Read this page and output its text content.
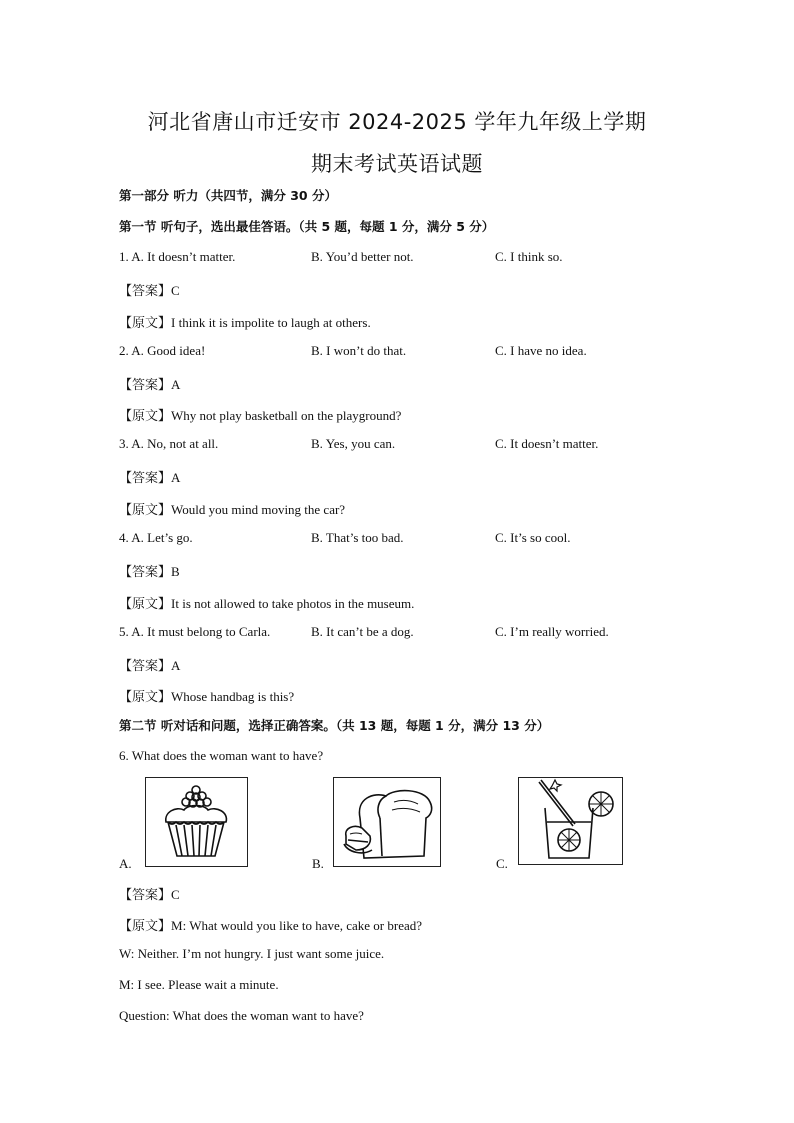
河北省唐山市迁安市 2024-2025 学年九年级上学期
期末考试英语试题
第一部分 听力（共四节，满分 30 分）
第一节 听句子，选出最佳答语。（共 5 题，每题 1 分，满分 5 分）
1. A. It doesn’t matter.	B. You’d better not.	C. I think so.
【答案】C
【原文】I think it is impolite to laugh at others.
2. A. Good idea!	B. I won’t do that.	C. I have no idea.
【答案】A
【原文】Why not play basketball on the playground?
3. A. No, not at all.	B. Yes, you can.	C. It doesn’t matter.
【答案】A
【原文】Would you mind moving the car?
4. A. Let’s go.	B. That’s too bad.	C. It’s so cool.
【答案】B
【原文】It is not allowed to take photos in the museum.
5. A. It must belong to Carla.	B. It can’t be a dog.	C. I’m really worried.
【答案】A
【原文】Whose handbag is this?
第二节 听对话和问题，选择正确答案。（共 13 题，每题 1 分，满分 13 分）
6. What does the woman want to have?
A.	B.	C.
【答案】C
【原文】M: What would you like to have, cake or bread?
W: Neither. I’m not hungry. I just want some juice.
M: I see. Please wait a minute.
Question: What does the woman want to have?
